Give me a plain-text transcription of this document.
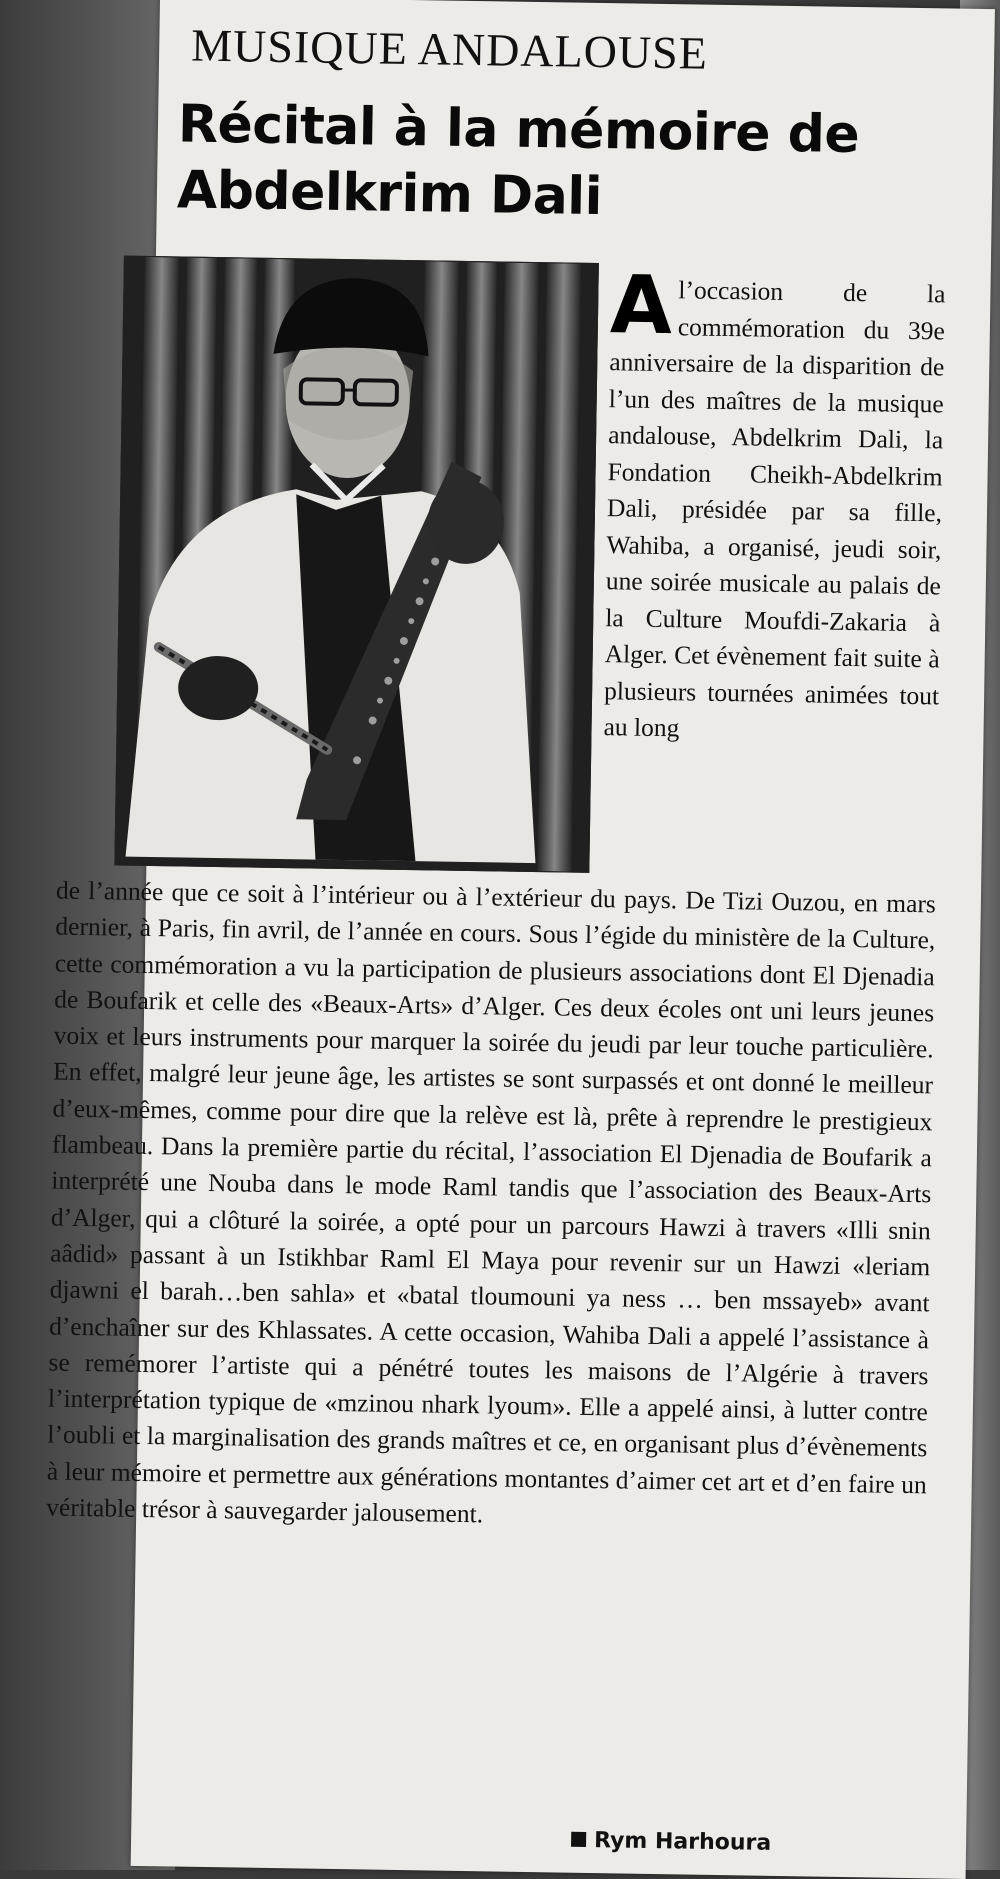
MUSIQUE ANDALOUSE
Récital à la mémoire de Abdelkrim Dali
A l’occasion de la commémoration du 39e anniversaire de la disparition de l’un des maîtres de la musique andalouse, Abdelkrim Dali, la Fondation Cheikh-Abdelkrim Dali, présidée par sa fille, Wahiba, a organisé, jeudi soir, une soirée musicale au palais de la Culture Moufdi-Zakaria à Alger. Cet évènement fait suite à plusieurs tournées animées tout au long

de l’année que ce soit à l’intérieur ou à l’extérieur du pays. De Tizi Ouzou, en mars dernier, à Paris, fin avril, de l’année en cours. Sous l’égide du ministère de la Culture, cette commémoration a vu la participation de plusieurs associations dont El Djenadia de Boufarik et celle des «Beaux-Arts» d’Alger. Ces deux écoles ont uni leurs jeunes voix et leurs instruments pour marquer la soirée du jeudi par leur touche particulière. En effet, malgré leur jeune âge, les artistes se sont surpassés et ont donné le meilleur d’eux-mêmes, comme pour dire que la relève est là, prête à reprendre le prestigieux flambeau. Dans la première partie du récital, l’association El Djenadia de Boufarik a interprété une Nouba dans le mode Raml tandis que l’association des Beaux-Arts d’Alger, qui a clôturé la soirée, a opté pour un parcours Hawzi à travers «Illi snin aâdid» passant à un Istikhbar Raml El Maya pour revenir sur un Hawzi «leriam djawni el barah…ben sahla» et «batal tloumouni ya ness … ben mssayeb» avant d’enchaîner sur des Khlassates. A cette occasion, Wahiba Dali a appelé l’assistance à se remémorer l’artiste qui a pénétré toutes les maisons de l’Algérie à travers l’interprétation typique de «mzinou nhark lyoum». Elle a appelé ainsi, à lutter contre l’oubli et la marginalisation des grands maîtres et ce, en organisant plus d’évènements à leur mémoire et permettre aux générations montantes d’aimer cet art et d’en faire un véritable trésor à sauvegarder jalousement.

Rym Harhoura
